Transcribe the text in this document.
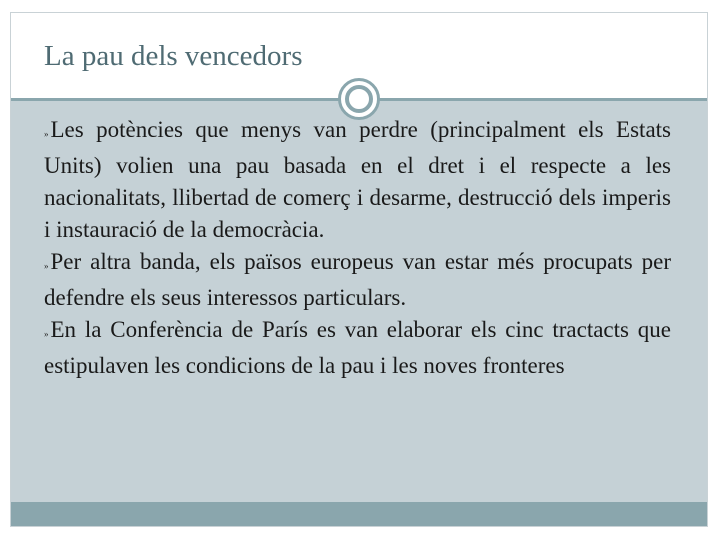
La pau dels vencedors

»Les potències que menys van perdre (principalment els Estats Units) volien una pau basada en el dret i el respecte a les nacionalitats, llibertad de comerç i desarme, destrucció dels imperis i instauració de la democràcia.

»Per altra banda, els països europeus van estar més procupats per defendre els seus interessos particulars.

»En la Conferència de París es van elaborar els cinc tractacts que estipulaven les condicions de la pau i les noves fronteres
